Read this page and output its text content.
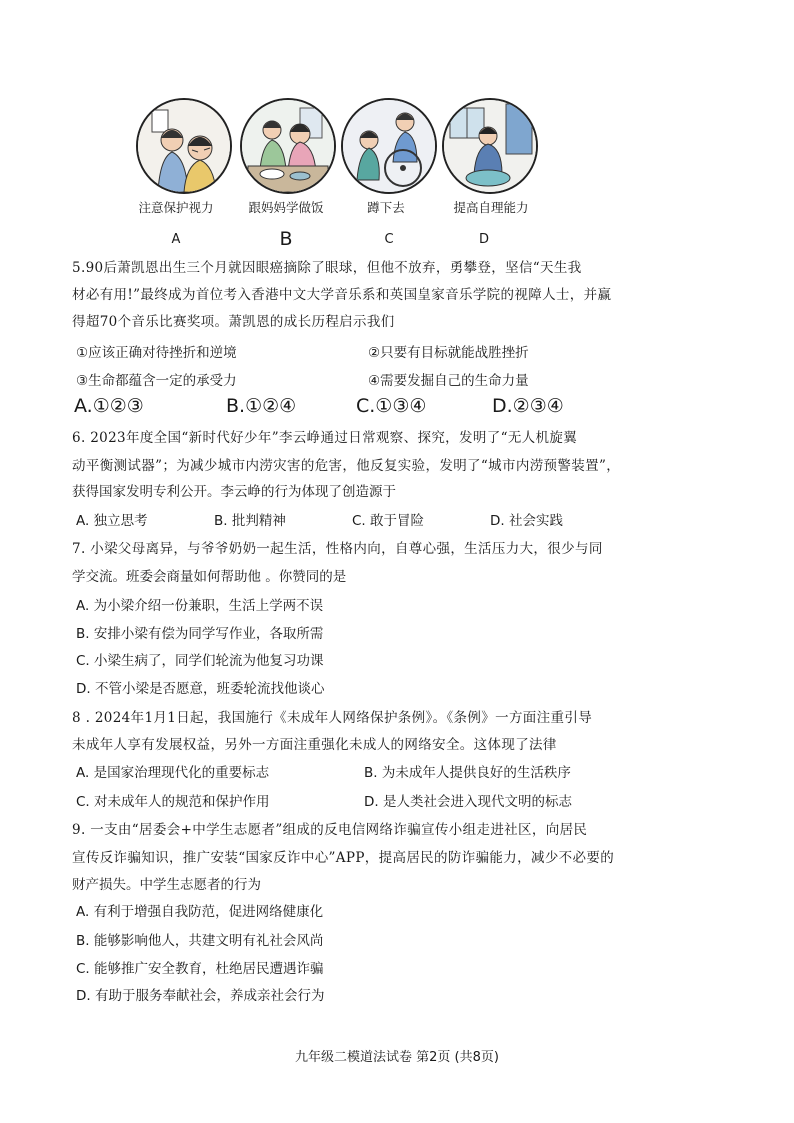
注意保护视力	跟妈妈学做饭	蹲下去	提高自理能力
A	B	C	D
5.90后萧凯恩出生三个月就因眼癌摘除了眼球，但他不放弃，勇攀登，坚信“天生我
材必有用!”最终成为首位考入香港中文大学音乐系和英国皇家音乐学院的视障人士，并赢
得超70个音乐比赛奖项。萧凯恩的成长历程启示我们
①应该正确对待挫折和逆境	②只要有目标就能战胜挫折
③生命都蕴含一定的承受力	④需要发掘自己的生命力量
A.①②③	B.①②④	C.①③④	D.②③④
6. 2023年度全国“新时代好少年”李云峥通过日常观察、探究，发明了“无人机旋翼
动平衡测试器”；为减少城市内涝灾害的危害，他反复实验，发明了“城市内涝预警装置”，
获得国家发明专利公开。李云峥的行为体现了创造源于
A. 独立思考	B. 批判精神	C. 敢于冒险	D. 社会实践
7. 小梁父母离异，与爷爷奶奶一起生活，性格内向，自尊心强，生活压力大，很少与同
学交流。班委会商量如何帮助他 。你赞同的是
A. 为小梁介绍一份兼职，生活上学两不误
B. 安排小梁有偿为同学写作业，各取所需
C. 小梁生病了，同学们轮流为他复习功课
D. 不管小梁是否愿意，班委轮流找他谈心
8 . 2024年1月1日起，我国施行《未成年人网络保护条例》。《条例》一方面注重引导
未成年人享有发展权益，另外一方面注重强化未成人的网络安全。这体现了法律
A. 是国家治理现代化的重要标志	B. 为未成年人提供良好的生活秩序
C. 对未成年人的规范和保护作用	D. 是人类社会进入现代文明的标志
9. 一支由“居委会+中学生志愿者”组成的反电信网络诈骗宣传小组走进社区，向居民
宣传反诈骗知识，推广安装“国家反诈中心”APP，提高居民的防诈骗能力，减少不必要的
财产损失。中学生志愿者的行为
A. 有利于增强自我防范，促进网络健康化
B. 能够影响他人，共建文明有礼社会风尚
C. 能够推广安全教育，杜绝居民遭遇诈骗
D. 有助于服务奉献社会，养成亲社会行为
九年级二模道法试卷 第2页 (共8页)
